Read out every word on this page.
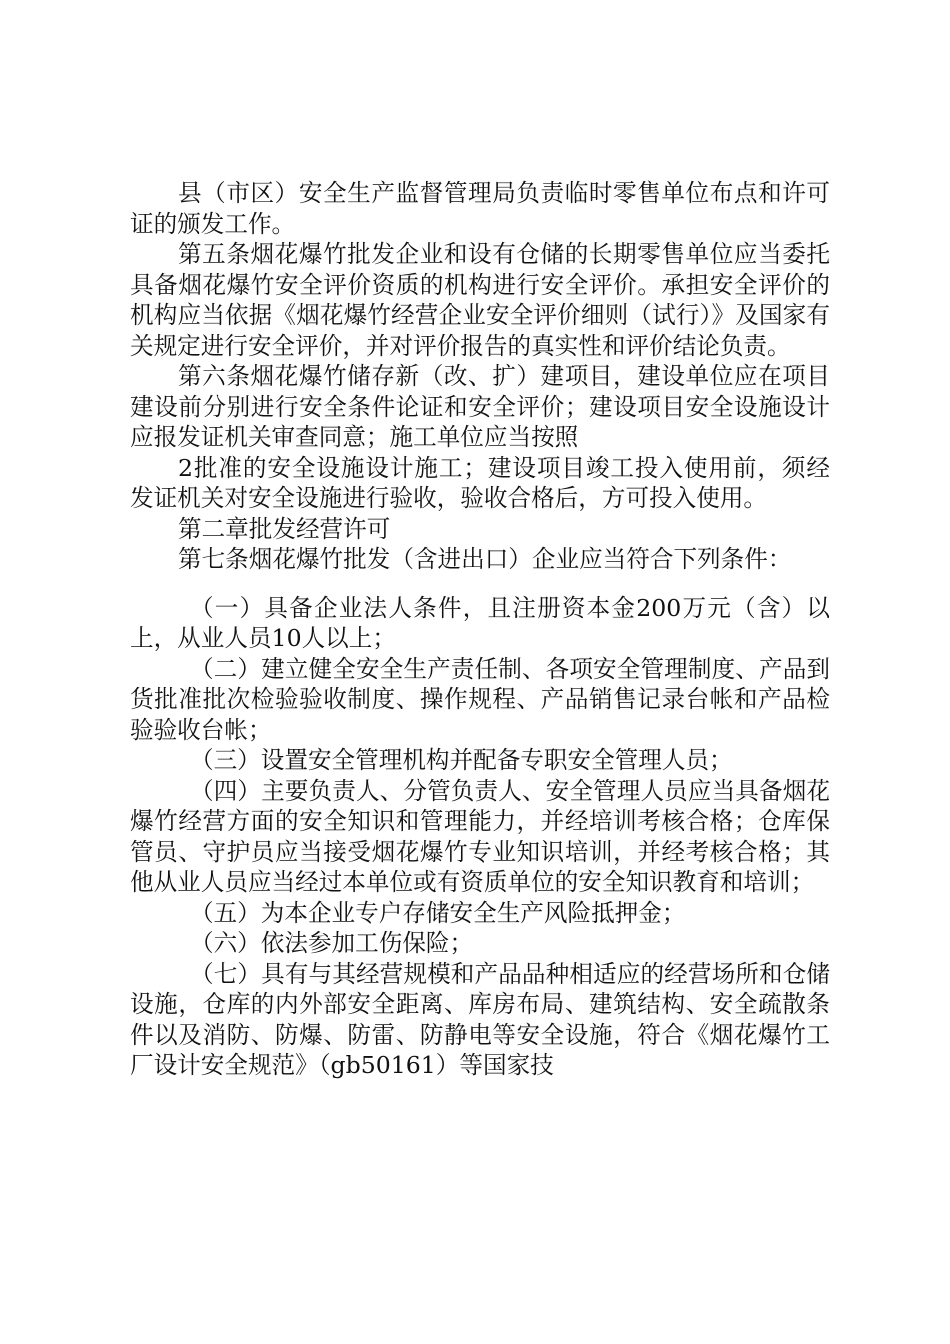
县（市区）安全生产监督管理局负责临时零售单位布点和许可证的颁发工作。

第五条烟花爆竹批发企业和设有仓储的长期零售单位应当委托具备烟花爆竹安全评价资质的机构进行安全评价。承担安全评价的机构应当依据《烟花爆竹经营企业安全评价细则（试行）》及国家有关规定进行安全评价，并对评价报告的真实性和评价结论负责。

第六条烟花爆竹储存新（改、扩）建项目，建设单位应在项目建设前分别进行安全条件论证和安全评价；建设项目安全设施设计应报发证机关审查同意；施工单位应当按照

2批准的安全设施设计施工；建设项目竣工投入使用前，须经发证机关对安全设施进行验收，验收合格后，方可投入使用。

第二章批发经营许可

第七条烟花爆竹批发（含进出口）企业应当符合下列条件：

（一）具备企业法人条件，且注册资本金200万元（含）以上，从业人员10人以上；

（二）建立健全安全生产责任制、各项安全管理制度、产品到货批准批次检验验收制度、操作规程、产品销售记录台帐和产品检验验收台帐；

（三）设置安全管理机构并配备专职安全管理人员；

（四）主要负责人、分管负责人、安全管理人员应当具备烟花爆竹经营方面的安全知识和管理能力，并经培训考核合格；仓库保管员、守护员应当接受烟花爆竹专业知识培训，并经考核合格；其他从业人员应当经过本单位或有资质单位的安全知识教育和培训；

（五）为本企业专户存储安全生产风险抵押金；

（六）依法参加工伤保险；

（七）具有与其经营规模和产品品种相适应的经营场所和仓储设施，仓库的内外部安全距离、库房布局、建筑结构、安全疏散条件以及消防、防爆、防雷、防静电等安全设施，符合《烟花爆竹工厂设计安全规范》（gb50161）等国家技
